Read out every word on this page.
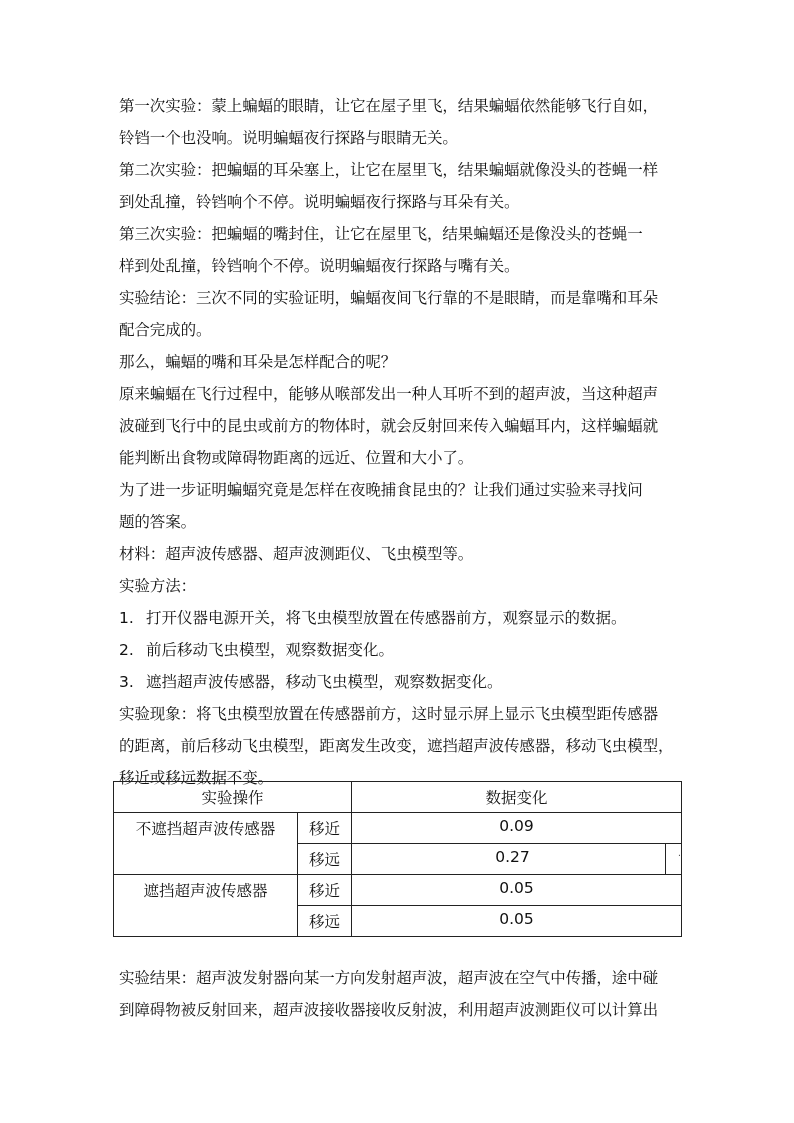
第一次实验：蒙上蝙蝠的眼睛，让它在屋子里飞，结果蝙蝠依然能够飞行自如，
铃铛一个也没响。说明蝙蝠夜行探路与眼睛无关。

第二次实验：把蝙蝠的耳朵塞上，让它在屋里飞，结果蝙蝠就像没头的苍蝇一样
到处乱撞，铃铛响个不停。说明蝙蝠夜行探路与耳朵有关。

第三次实验：把蝙蝠的嘴封住，让它在屋里飞，结果蝙蝠还是像没头的苍蝇一
样到处乱撞，铃铛响个不停。说明蝙蝠夜行探路与嘴有关。

实验结论：三次不同的实验证明，蝙蝠夜间飞行靠的不是眼睛，而是靠嘴和耳朵
配合完成的。

那么，蝙蝠的嘴和耳朵是怎样配合的呢？

原来蝙蝠在飞行过程中，能够从喉部发出一种人耳听不到的超声波，当这种超声
波碰到飞行中的昆虫或前方的物体时，就会反射回来传入蝙蝠耳内，这样蝙蝠就
能判断出食物或障碍物距离的远近、位置和大小了。

为了进一步证明蝙蝠究竟是怎样在夜晚捕食昆虫的？让我们通过实验来寻找问
题的答案。

材料：超声波传感器、超声波测距仪、飞虫模型等。

实验方法：

1. 打开仪器电源开关，将飞虫模型放置在传感器前方，观察显示的数据。
2. 前后移动飞虫模型，观察数据变化。
3. 遮挡超声波传感器，移动飞虫模型，观察数据变化。

实验现象：将飞虫模型放置在传感器前方，这时显示屏上显示飞虫模型距传感器
的距离，前后移动飞虫模型，距离发生改变，遮挡超声波传感器，移动飞虫模型，
移近或移远数据不变。

实验操作		数据变化	

不遮挡超声波传感器	移近	0.09	

	移远	0.27	.

遮挡超声波传感器	移近	0.05	

	移远	0.05	

实验结果：超声波发射器向某一方向发射超声波，超声波在空气中传播，途中碰
到障碍物被反射回来，超声波接收器接收反射波，利用超声波测距仪可以计算出
